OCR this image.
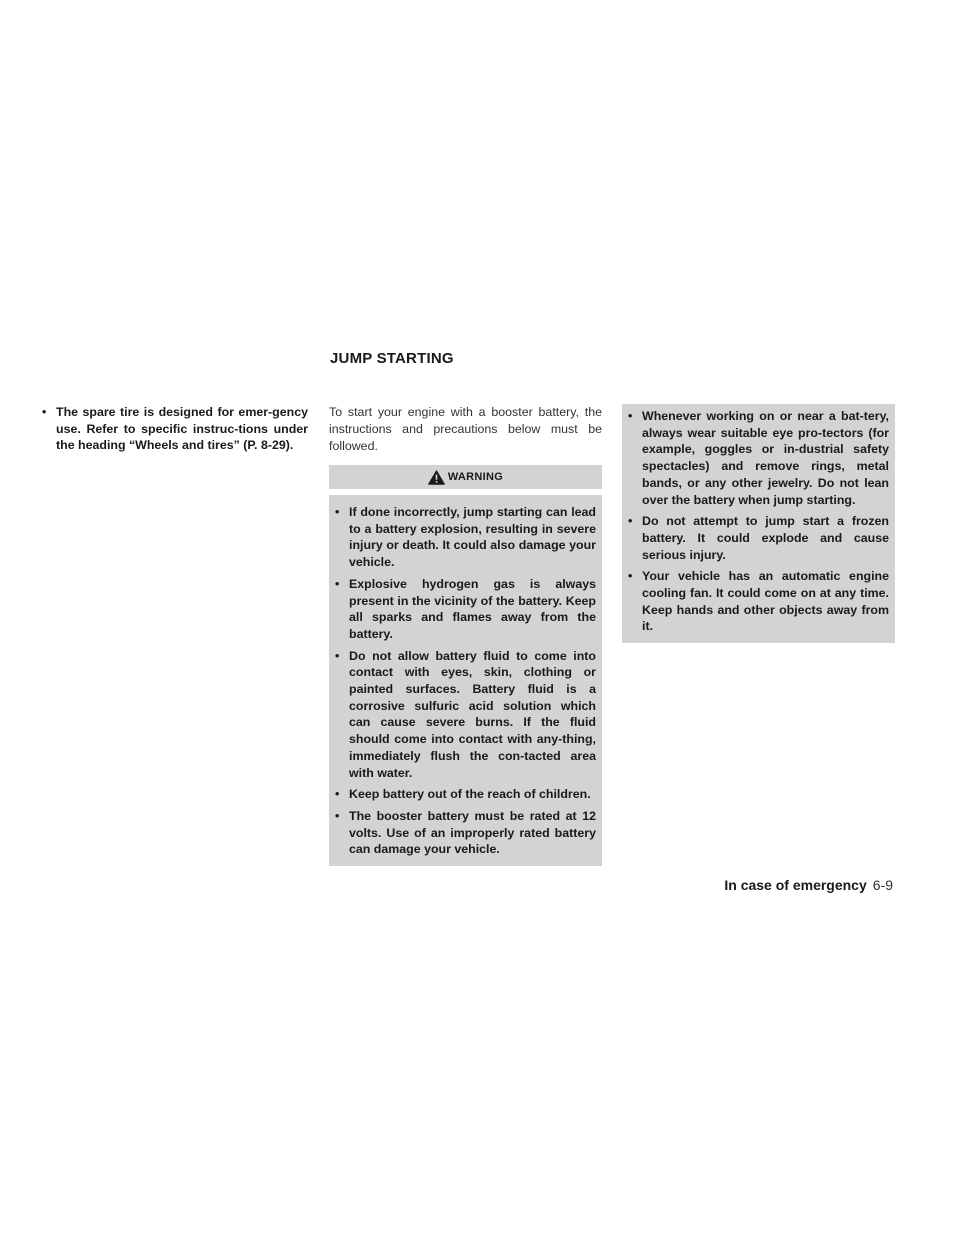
JUMP STARTING
• The spare tire is designed for emer-gency use. Refer to specific instruc-tions under the heading “Wheels and tires” (P. 8-29).

To start your engine with a booster battery, the instructions and precautions below must be followed.

WARNING
• If done incorrectly, jump starting can lead to a battery explosion, resulting in severe injury or death. It could also damage your vehicle.
• Explosive hydrogen gas is always present in the vicinity of the battery. Keep all sparks and flames away from the battery.
• Do not allow battery fluid to come into contact with eyes, skin, clothing or painted surfaces. Battery fluid is a corrosive sulfuric acid solution which can cause severe burns. If the fluid should come into contact with any-thing, immediately flush the con-tacted area with water.
• Keep battery out of the reach of children.
• The booster battery must be rated at 12 volts. Use of an improperly rated battery can damage your vehicle.
• Whenever working on or near a bat-tery, always wear suitable eye pro-tectors (for example, goggles or in-dustrial safety spectacles) and remove rings, metal bands, or any other jewelry. Do not lean over the battery when jump starting.
• Do not attempt to jump start a frozen battery. It could explode and cause serious injury.
• Your vehicle has an automatic engine cooling fan. It could come on at any time. Keep hands and other objects away from it.
In case of emergency 6-9
